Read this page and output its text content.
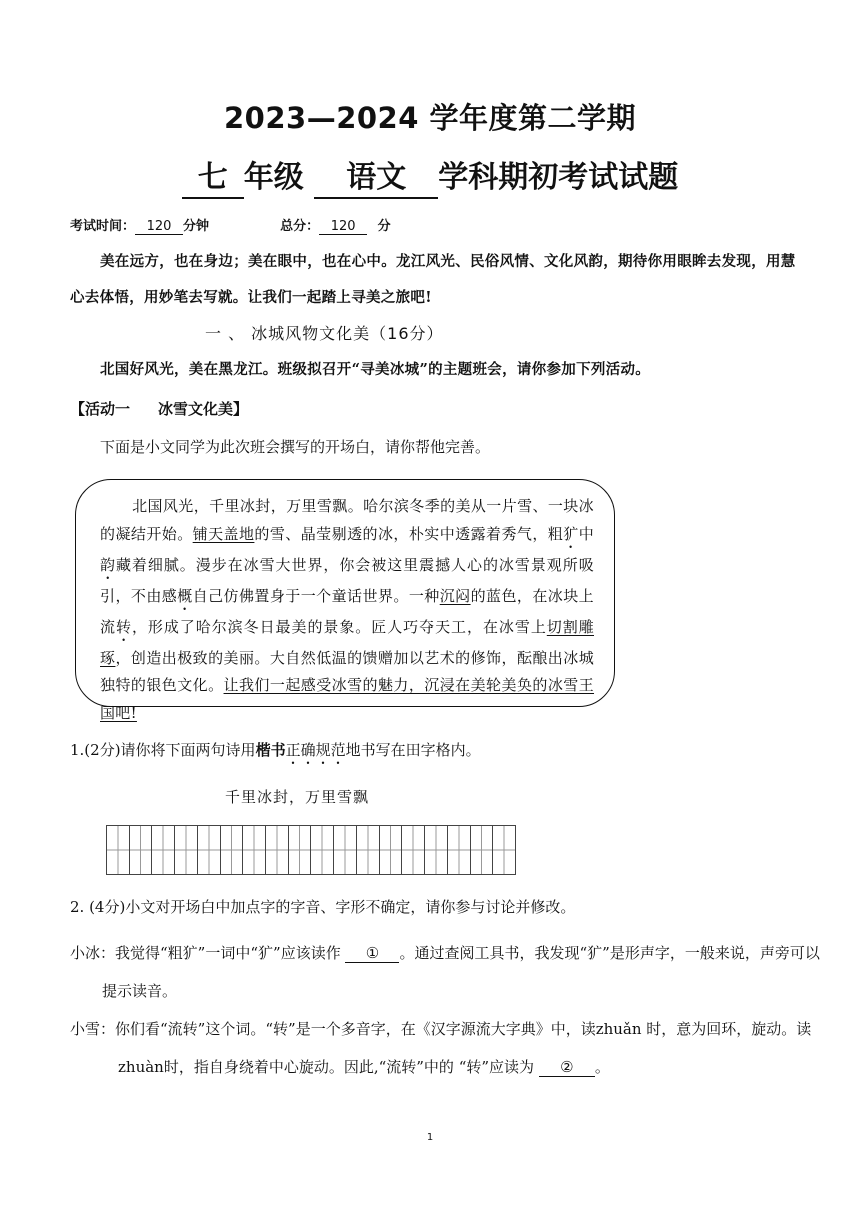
2023—2024 学年度第二学期
七 年级 语文 学科期初考试试题
考试时间： 120 分钟	总分： 120 分
美在远方，也在身边；美在眼中，也在心中。龙江风光、民俗风情、文化风韵，期待你用眼眸去发现，用慧心去体悟，用妙笔去写就。让我们一起踏上寻美之旅吧!
一 、 冰城风物文化美（16分）
北国好风光，美在黑龙江。班级拟召开“寻美冰城”的主题班会，请你参加下列活动。
【活动一 冰雪文化美】
下面是小文同学为此次班会撰写的开场白，请你帮他完善。
北国风光，千里冰封，万里雪飘。哈尔滨冬季的美从一片雪、一块冰的凝结开始。铺天盖地的雪、晶莹剔透的冰，朴实中透露着秀气，粗犷中韵藏着细腻。漫步在冰雪大世界，你会被这里震撼人心的冰雪景观所吸引，不由感概自己仿佛置身于一个童话世界。一种沉闷的蓝色，在冰块上流转，形成了哈尔滨冬日最美的景象。匠人巧夺天工，在冰雪上切割雕琢，创造出极致的美丽。大自然低温的馈赠加以艺术的修饰，酝酿出冰城独特的银色文化。让我们一起感受冰雪的魅力，沉浸在美轮美奂的冰雪王国吧!
1.(2分)请你将下面两句诗用楷书正确规范地书写在田字格内。
千里冰封，万里雪飘
2. (4分)小文对开场白中加点字的字音、字形不确定，请你参与讨论并修改。
小冰：我觉得“粗犷”一词中“犷”应该读作 ① 。通过查阅工具书，我发现“犷”是形声字，一般来说，声旁可以提示读音。
小雪：你们看“流转”这个词。“转”是一个多音字，在《汉字源流大字典》中，读zhuǎn 时，意为回环，旋动。读 zhuàn时，指自身绕着中心旋动。因此,“流转”中的 “转”应读为 ② 。
1
